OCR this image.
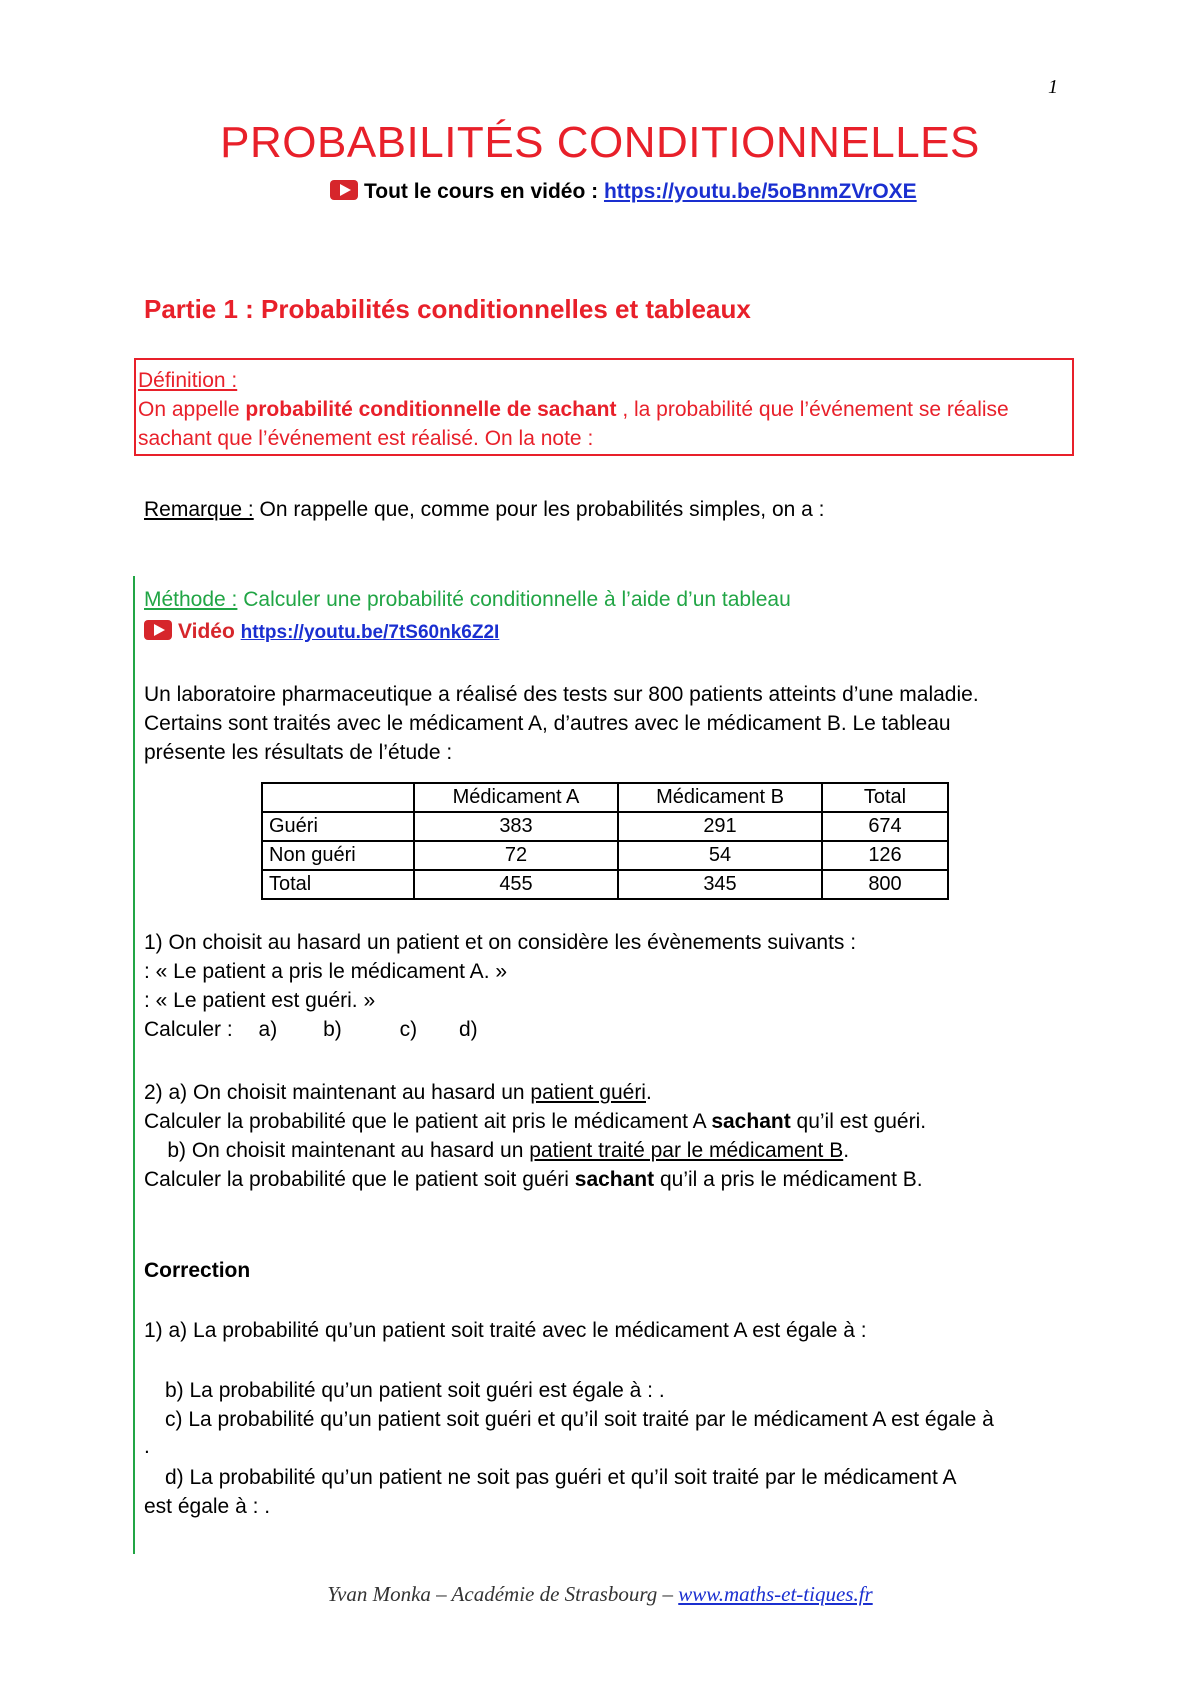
1
PROBABILITÉS CONDITIONNELLES
Tout le cours en vidéo : https://youtu.be/5oBnmZVrOXE
Partie 1 : Probabilités conditionnelles et tableaux
Définition :
On appelle probabilité conditionnelle de sachant , la probabilité que l’événement se réalise
sachant que l’événement est réalisé. On la note :
Remarque : On rappelle que, comme pour les probabilités simples, on a :
Méthode : Calculer une probabilité conditionnelle à l’aide d’un tableau
Vidéo https://youtu.be/7tS60nk6Z2I
Un laboratoire pharmaceutique a réalisé des tests sur 800 patients atteints d’une maladie.
Certains sont traités avec le médicament A, d’autres avec le médicament B. Le tableau
présente les résultats de l’étude :
	Médicament A	Médicament B	Total
Guéri	383	291	674
Non guéri	72	54	126
Total	455	345	800
1) On choisit au hasard un patient et on considère les évènements suivants :
: « Le patient a pris le médicament A. »
: « Le patient est guéri. »
Calculer : a) b)	c) d)
2) a) On choisit maintenant au hasard un patient guéri.
Calculer la probabilité que le patient ait pris le médicament A sachant qu’il est guéri.
b) On choisit maintenant au hasard un patient traité par le médicament B.
Calculer la probabilité que le patient soit guéri sachant qu’il a pris le médicament B.
Correction
1) a) La probabilité qu’un patient soit traité avec le médicament A est égale à :
b) La probabilité qu’un patient soit guéri est égale à : .
c) La probabilité qu’un patient soit guéri et qu’il soit traité par le médicament A est égale à
.
d) La probabilité qu’un patient ne soit pas guéri et qu’il soit traité par le médicament A
est égale à : .
Yvan Monka – Académie de Strasbourg – www.maths-et-tiques.fr
